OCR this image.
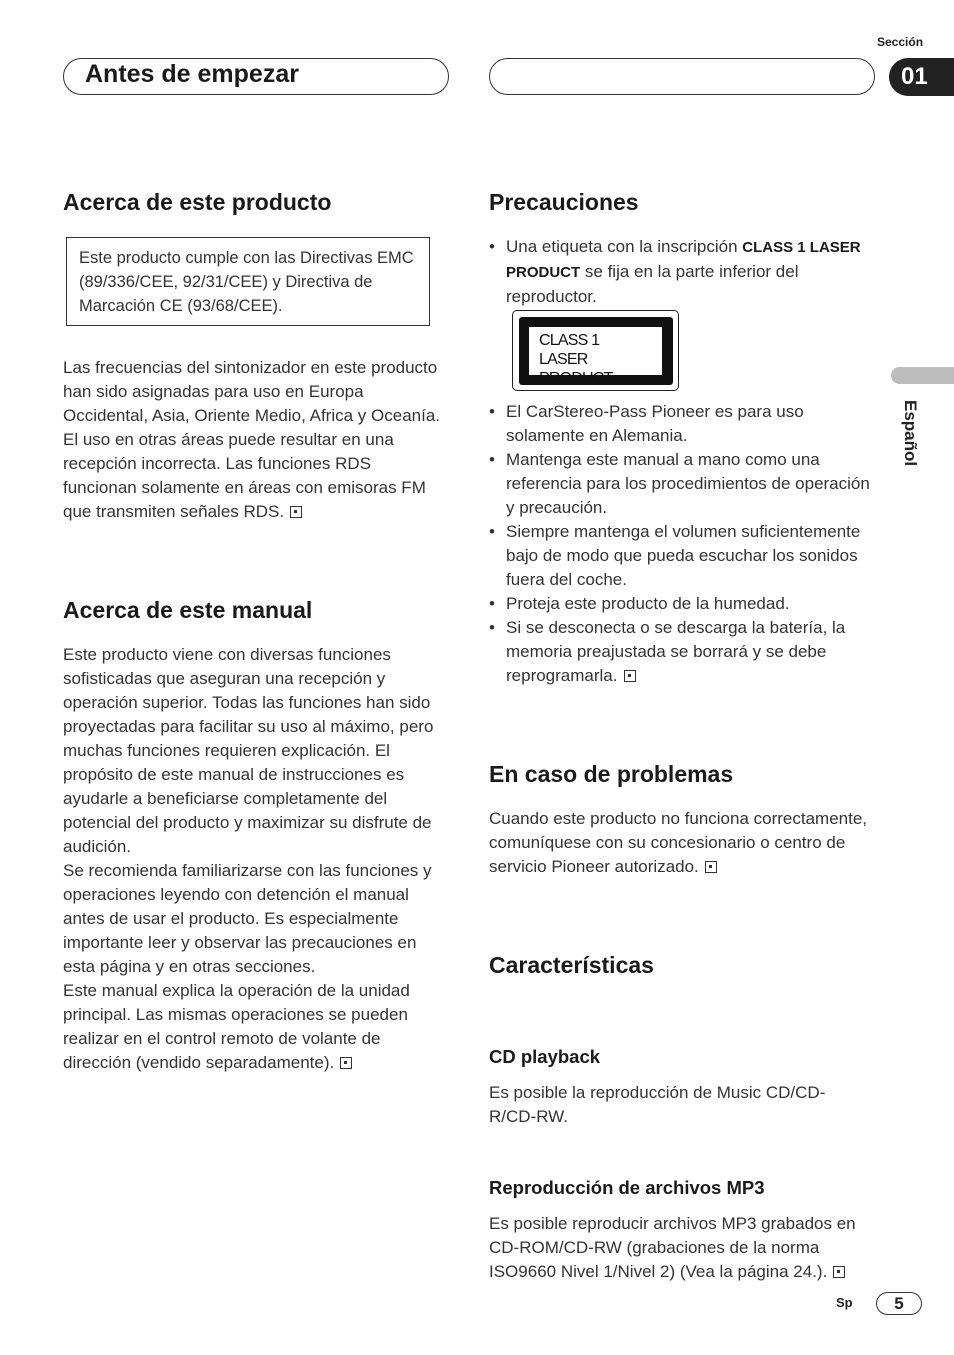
Sección
Antes de empezar	01
Español
Acerca de este producto

Este producto cumple con las Directivas EMC (89/336/CEE, 92/31/CEE) y Directiva de Marcación CE (93/68/CEE).

Las frecuencias del sintonizador en este producto han sido asignadas para uso en Europa Occidental, Asia, Oriente Medio, Africa y Oceanía. El uso en otras áreas puede resultar en una recepción incorrecta. Las funciones RDS funcionan solamente en áreas con emisoras FM que transmiten señales RDS.

Acerca de este manual

Este producto viene con diversas funciones sofisticadas que aseguran una recepción y operación superior. Todas las funciones han sido proyectadas para facilitar su uso al máximo, pero muchas funciones requieren explicación. El propósito de este manual de instrucciones es ayudarle a beneficiarse completamente del potencial del producto y maximizar su disfrute de audición.

Se recomienda familiarizarse con las funciones y operaciones leyendo con detención el manual antes de usar el producto. Es especialmente importante leer y observar las precauciones en esta página y en otras secciones.

Este manual explica la operación de la unidad principal. Las mismas operaciones se pueden realizar en el control remoto de volante de dirección (vendido separadamente).

Precauciones
• Una etiqueta con la inscripción CLASS 1 LASER PRODUCT se fija en la parte inferior del reproductor.
CLASS 1
LASER PRODUCT
• El CarStereo-Pass Pioneer es para uso solamente en Alemania.
• Mantenga este manual a mano como una referencia para los procedimientos de operación y precaución.
• Siempre mantenga el volumen suficientemente bajo de modo que pueda escuchar los sonidos fuera del coche.
• Proteja este producto de la humedad.
• Si se desconecta o se descarga la batería, la memoria preajustada se borrará y se debe reprogramarla.
En caso de problemas

Cuando este producto no funciona correctamente, comuníquese con su concesionario o centro de servicio Pioneer autorizado.

Características
CD playback

Es posible la reproducción de Music CD/CD-R/CD-RW.

Reproducción de archivos MP3

Es posible reproducir archivos MP3 grabados en CD-ROM/CD-RW (grabaciones de la norma ISO9660 Nivel 1/Nivel 2) (Vea la página 24.).

Sp	5
